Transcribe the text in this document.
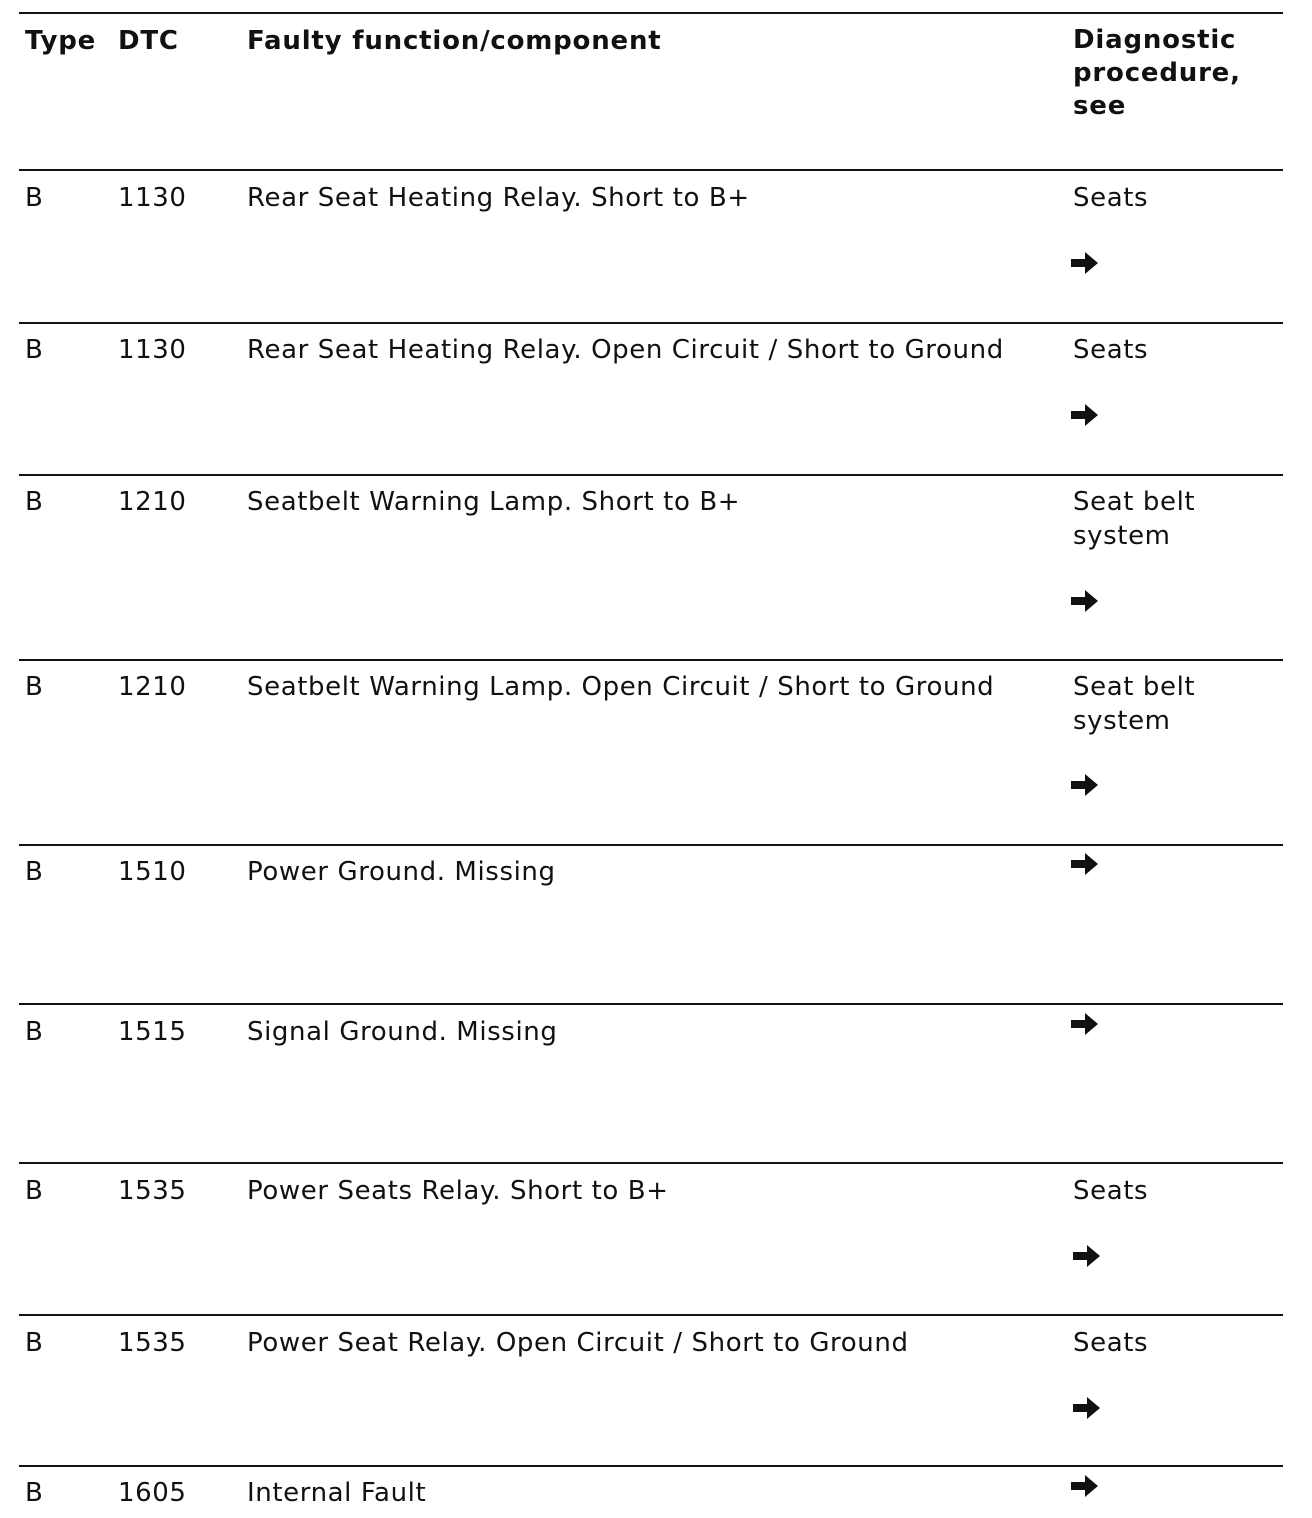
Type DTC	Faulty function/component	Diagnostic procedure, see
B	1130 Rear Seat Heating Relay. Short to B+	Seats
B	1130 Rear Seat Heating Relay. Open Circuit / Short to Ground	Seats
B	1210 Seatbelt Warning Lamp. Short to B+	Seat belt system
B	1210 Seatbelt Warning Lamp. Open Circuit / Short to Ground	Seat belt system
B	1510 Power Ground. Missing
B	1515 Signal Ground. Missing
B	1535 Power Seats Relay. Short to B+	Seats
B	1535 Power Seat Relay. Open Circuit / Short to Ground	Seats
B	1605 Internal Fault
